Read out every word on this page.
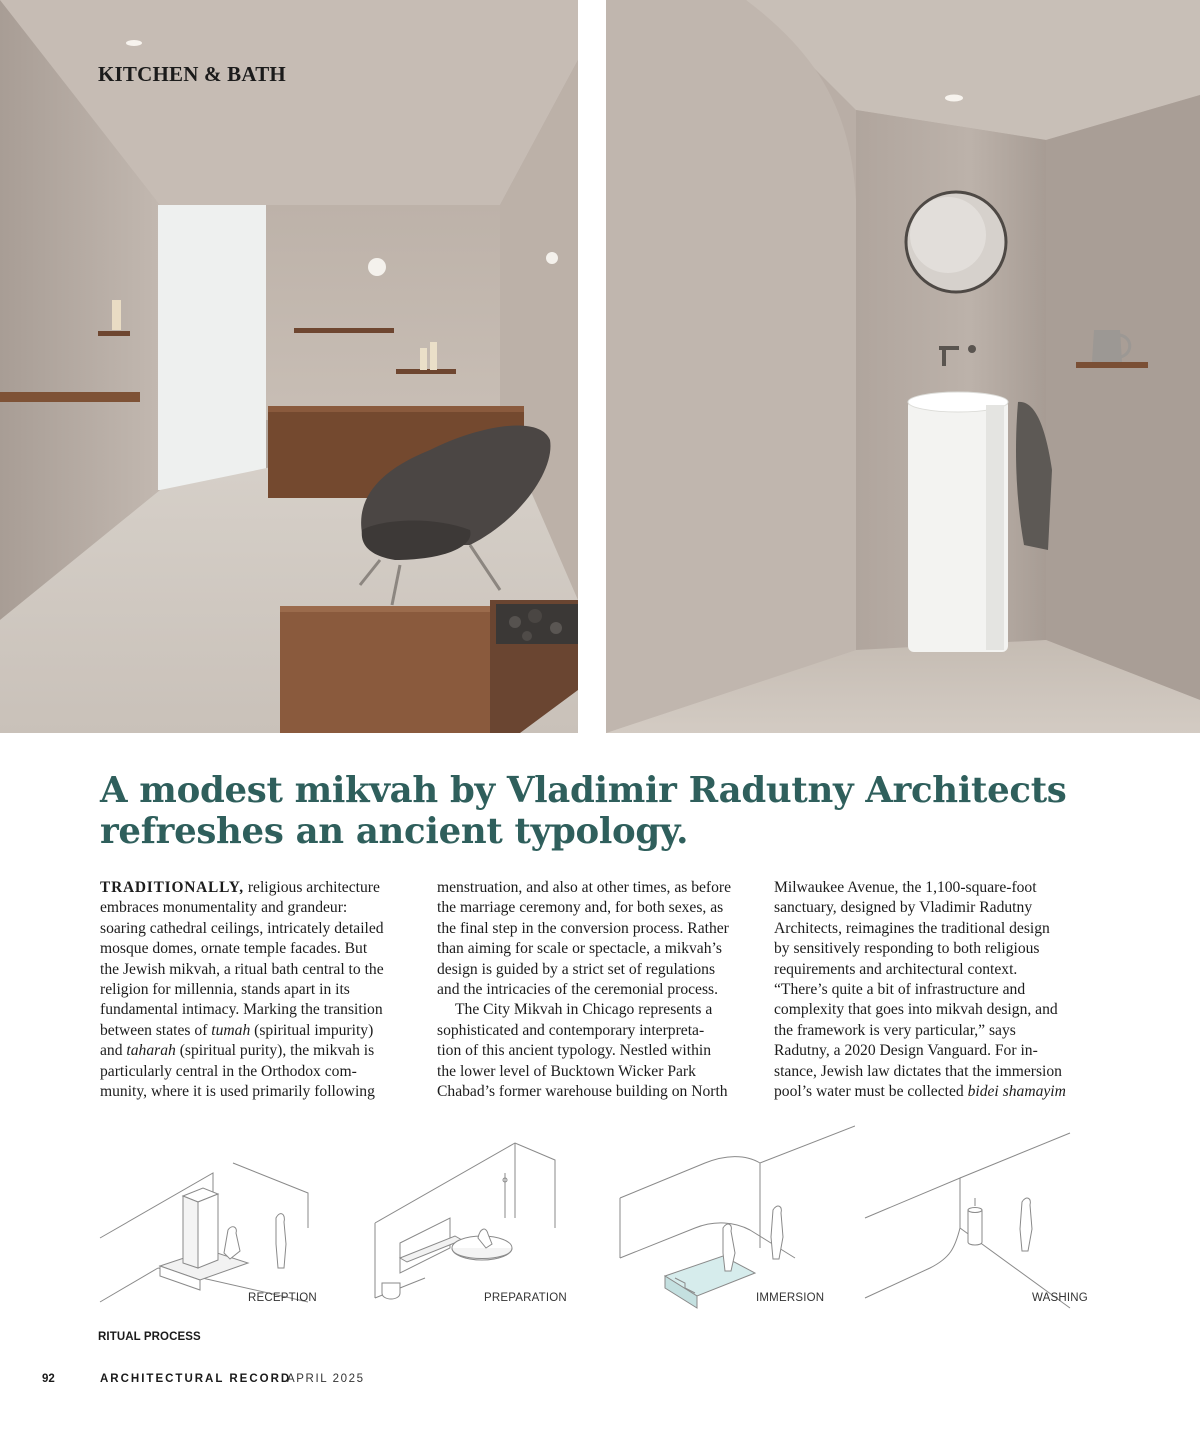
KITCHEN & BATH
A modest mikvah by Vladimir Radutny Architects
refreshes an ancient typology.
TRADITIONALLY, religious architecture
embraces monumentality and grandeur:
soaring cathedral ceilings, intricately detailed
mosque domes, ornate temple facades. But
the Jewish mikvah, a ritual bath central to the
religion for millennia, stands apart in its
fundamental intimacy. Marking the transition
between states of tumah (spiritual impurity)
and taharah (spiritual purity), the mikvah is
particularly central in the Orthodox com-
munity, where it is used primarily following
menstruation, and also at other times, as before
the marriage ceremony and, for both sexes, as
the final step in the conversion process. Rather
than aiming for scale or spectacle, a mikvah’s
design is guided by a strict set of regulations
and the intricacies of the ceremonial process.
The City Mikvah in Chicago represents a
sophisticated and contemporary interpreta-
tion of this ancient typology. Nestled within
the lower level of Bucktown Wicker Park
Chabad’s former warehouse building on North
Milwaukee Avenue, the 1,100-square-foot
sanctuary, designed by Vladimir Radutny
Architects, reimagines the traditional design
by sensitively responding to both religious
requirements and architectural context.
“There’s quite a bit of infrastructure and
complexity that goes into mikvah design, and
the framework is very particular,” says
Radutny, a 2020 Design Vanguard. For in-
stance, Jewish law dictates that the immersion
pool’s water must be collected bidei shamayim
RECEPTION	PREPARATION	IMMERSION	WASHING
RITUAL PROCESS
92	ARCHITECTURAL RECORD
APRIL 2025
